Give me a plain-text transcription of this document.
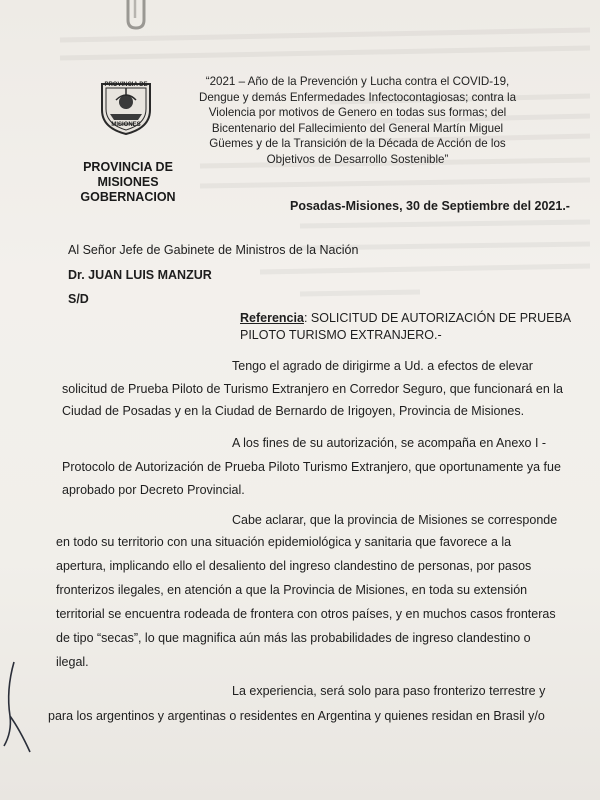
PROVINCIA DE
MISIONES
“2021 – Año de la Prevención y Lucha contra el COVID-19,
Dengue y demás Enfermedades Infectocontagiosas; contra la
Violencia por motivos de Genero en todas sus formas; del
Bicentenario del Fallecimiento del General Martín Miguel
Güemes y de la Transición de la Década de Acción de los
Objetivos de Desarrollo Sostenible”
PROVINCIA DE
MISIONES
GOBERNACION
Posadas-Misiones, 30 de Septiembre del 2021.-
Al Señor Jefe de Gabinete de Ministros de la Nación
Dr. JUAN LUIS MANZUR
S/D
Referencia: SOLICITUD DE AUTORIZACIÓN DE PRUEBA
PILOTO TURISMO EXTRANJERO.-
Tengo el agrado de dirigirme a Ud. a efectos de elevar
solicitud de Prueba Piloto de Turismo Extranjero en Corredor Seguro, que funcionará en la
Ciudad de Posadas y en la Ciudad de Bernardo de Irigoyen, Provincia de Misiones.
A los fines de su autorización, se acompaña en Anexo I -
Protocolo de Autorización de Prueba Piloto Turismo Extranjero, que oportunamente ya fue
aprobado por Decreto Provincial.
Cabe aclarar, que la provincia de Misiones se corresponde
en todo su territorio con una situación epidemiológica y sanitaria que favorece a la
apertura, implicando ello el desaliento del ingreso clandestino de personas, por pasos
fronterizos ilegales, en atención a que la Provincia de Misiones, en toda su extensión
territorial se encuentra rodeada de frontera con otros países, y en muchos casos fronteras
de tipo “secas”, lo que magnifica aún más las probabilidades de ingreso clandestino o
ilegal.
La experiencia, será solo para paso fronterizo terrestre y
para los argentinos y argentinas o residentes en Argentina y quienes residan en Brasil y/o
